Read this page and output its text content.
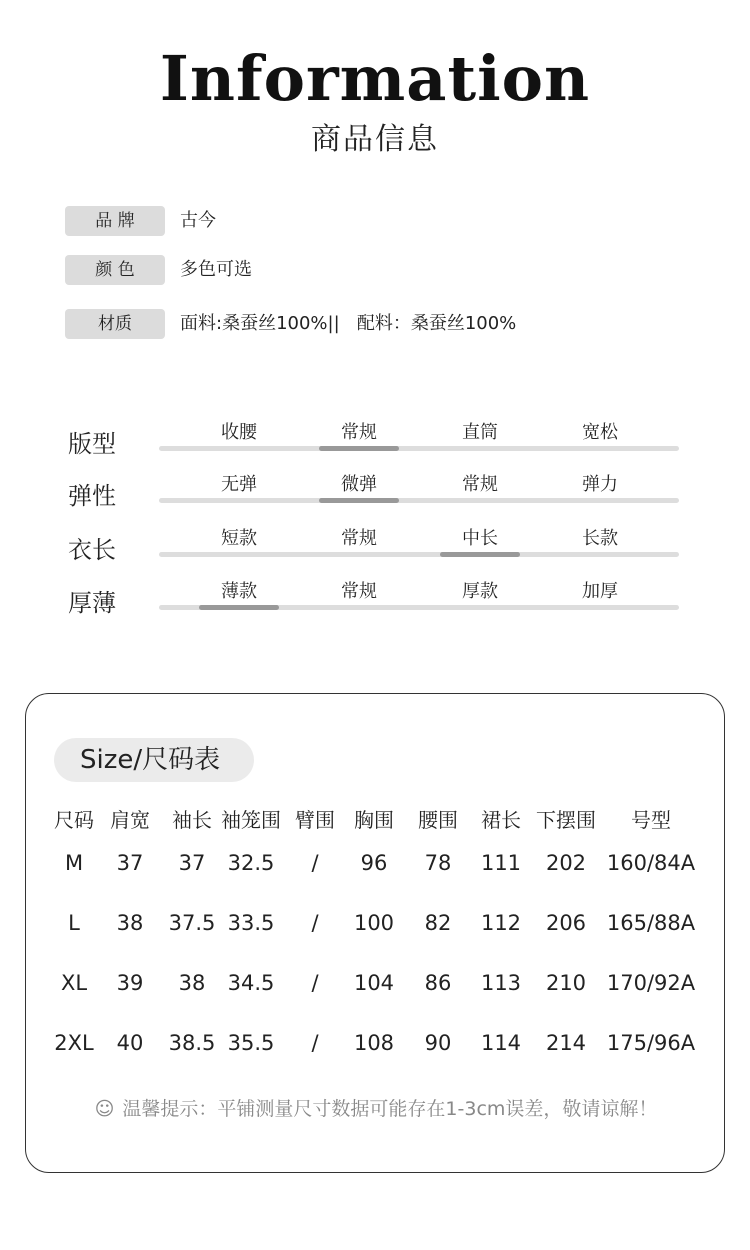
Information
商品信息
品 牌	古今
颜 色	多色可选
材质	面料:桑蚕丝100%||   配料：桑蚕丝100%
版型	收腰	常规	直筒	宽松
弹性	无弹	微弹	常规	弹力
衣长	短款	常规	中长	长款
厚薄	薄款	常规	厚款	加厚
Size/尺码表
尺码 肩宽	袖长 袖笼围 臂围 胸围	腰围	裙长 下摆围	号型
M	37	37	32.5	/	96	78	111	202 160/84A
L	38	37.5 33.5	/	100	82	112	206 165/88A
XL	39	38	34.5	/	104	86	113	210 170/92A
2XL	40	38.5 35.5	/	108	90	114	214 175/96A
☺ 温馨提示：平铺测量尺寸数据可能存在1-3cm误差，敬请谅解！
